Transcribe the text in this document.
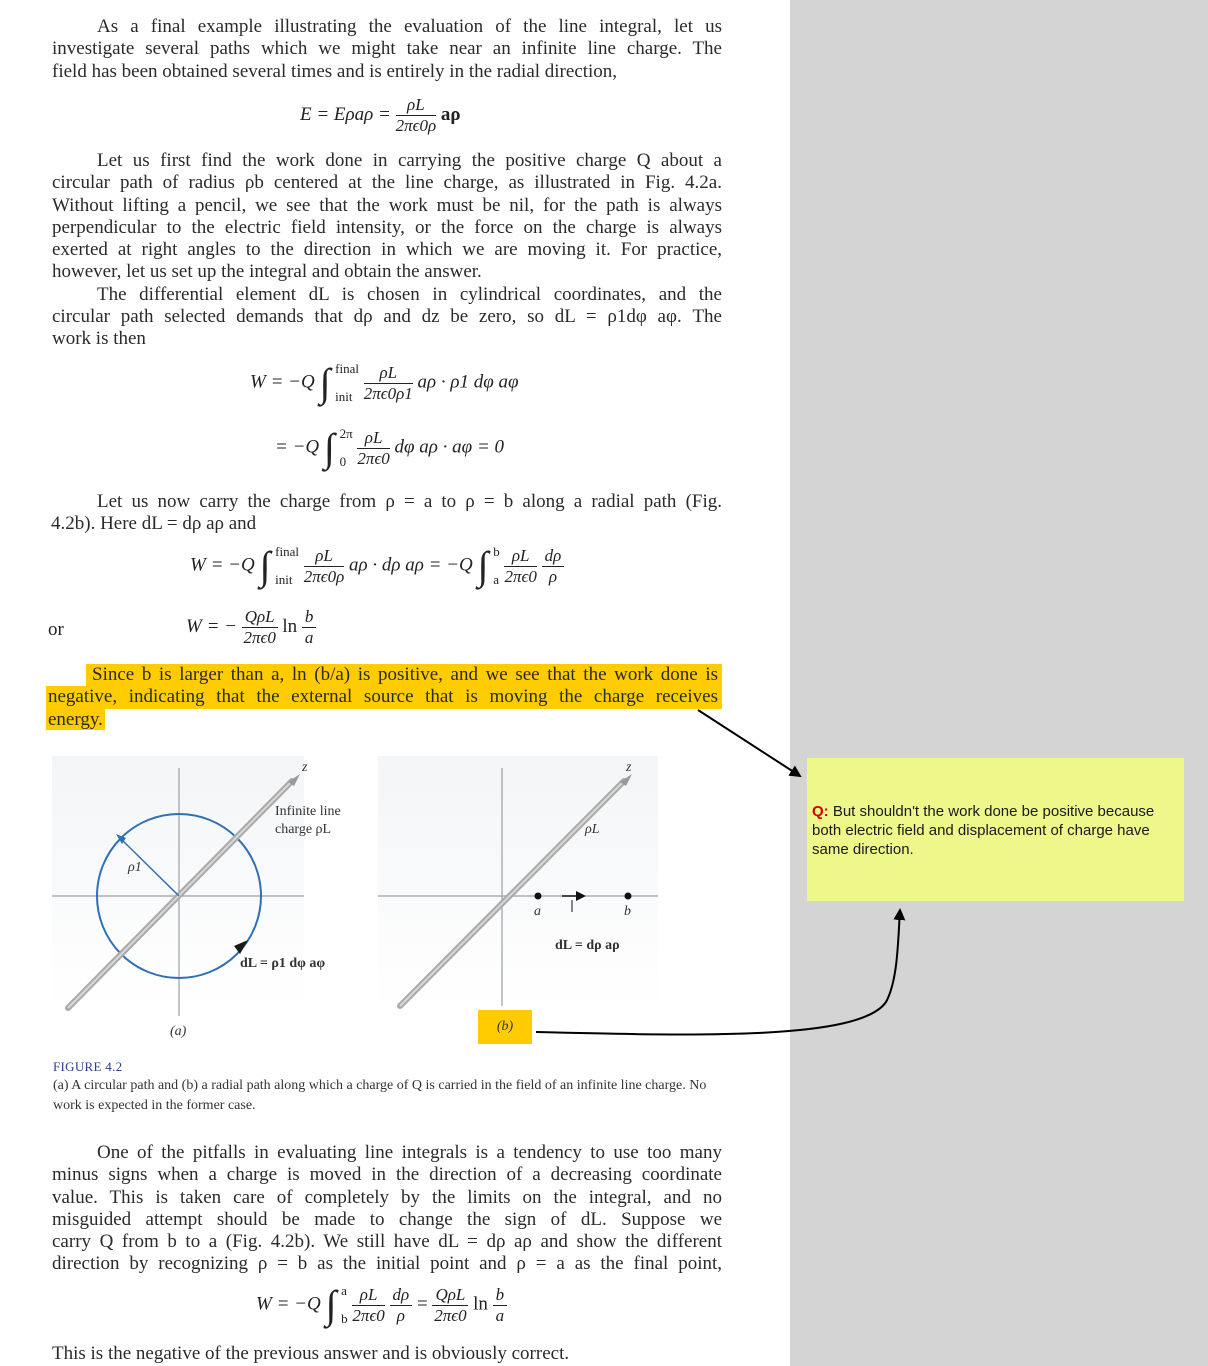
As a final example illustrating the evaluation of the line integral, let us
investigate several paths which we might take near an infinite line charge. The
field has been obtained several times and is entirely in the radial direction,
$E = E\rho a\rho = \frac{\rho L}{2\pi\epsilon 0\rho}$ aρ
Let us first find the work done in carrying the positive charge Q about a
circular path of radius ρb centered at the line charge, as illustrated in Fig. 4.2a.
Without lifting a pencil, we see that the work must be nil, for the path is always
perpendicular to the electric field intensity, or the force on the charge is always
exerted at right angles to the direction in which we are moving it. For practice,
however, let us set up the integral and obtain the answer.
The differential element dL is chosen in cylindrical coordinates, and the
circular path selected demands that dρ and dz be zero, so dL = ρ1dφ aφ. The
work is then
W = −Q ∫ final
init
$\frac{\rho L}{2\pi\epsilon 0\rho 1}$ aρ · ρ1 dφ aφ
= −Q ∫ 2π
0
$\frac{\rho L}{2\pi\epsilon 0}$ dφ aρ · aφ = 0
Let us now carry the charge from ρ = a to ρ = b along a radial path (Fig.
4.2b). Here dL = dρ aρ and
W = −Q ∫ final
init
$\frac{\rho L}{2\pi\epsilon 0\rho}$ aρ · dρ aρ = −Q ∫ b
a
$\frac{\rho L}{2\pi\epsilon 0}$
$\frac{d\rho}{\rho}$
or	W = − $\frac{\text{QρL}}{2\pi\epsilon 0}$ $\ln \frac{b}{a}$
Since b is larger than a, ln (b/a) is positive, and we see that the work done is
negative, indicating that the external source that is moving the charge receives
energy.
z
Infinite line
charge ρL
ρ1
dL = ρ1 dφ aφ
(a)
z
ρL
a	b
dL = dρ aρ
(b)
FIGURE 4.2
(a) A circular path and (b) a radial path along which a charge of Q is carried in the field of an infinite line charge. No work is expected in the former case.
One of the pitfalls in evaluating line integrals is a tendency to use too many
minus signs when a charge is moved in the direction of a decreasing coordinate
value. This is taken care of completely by the limits on the integral, and no
misguided attempt should be made to change the sign of dL. Suppose we
carry Q from b to a (Fig. 4.2b). We still have dL = dρ aρ and show the different
direction by recognizing ρ = b as the initial point and ρ = a as the final point,
W = −Q ∫ a
b
$\frac{\rho L}{2\pi\epsilon 0}$
$\frac{d\rho}{\rho} = \frac{\text{QρL}}{2\pi\epsilon 0}$ $\ln \frac{b}{a}$
This is the negative of the previous answer and is obviously correct.
Q: But shouldn't the work done be positive because both electric field and displacement of charge have same direction.
